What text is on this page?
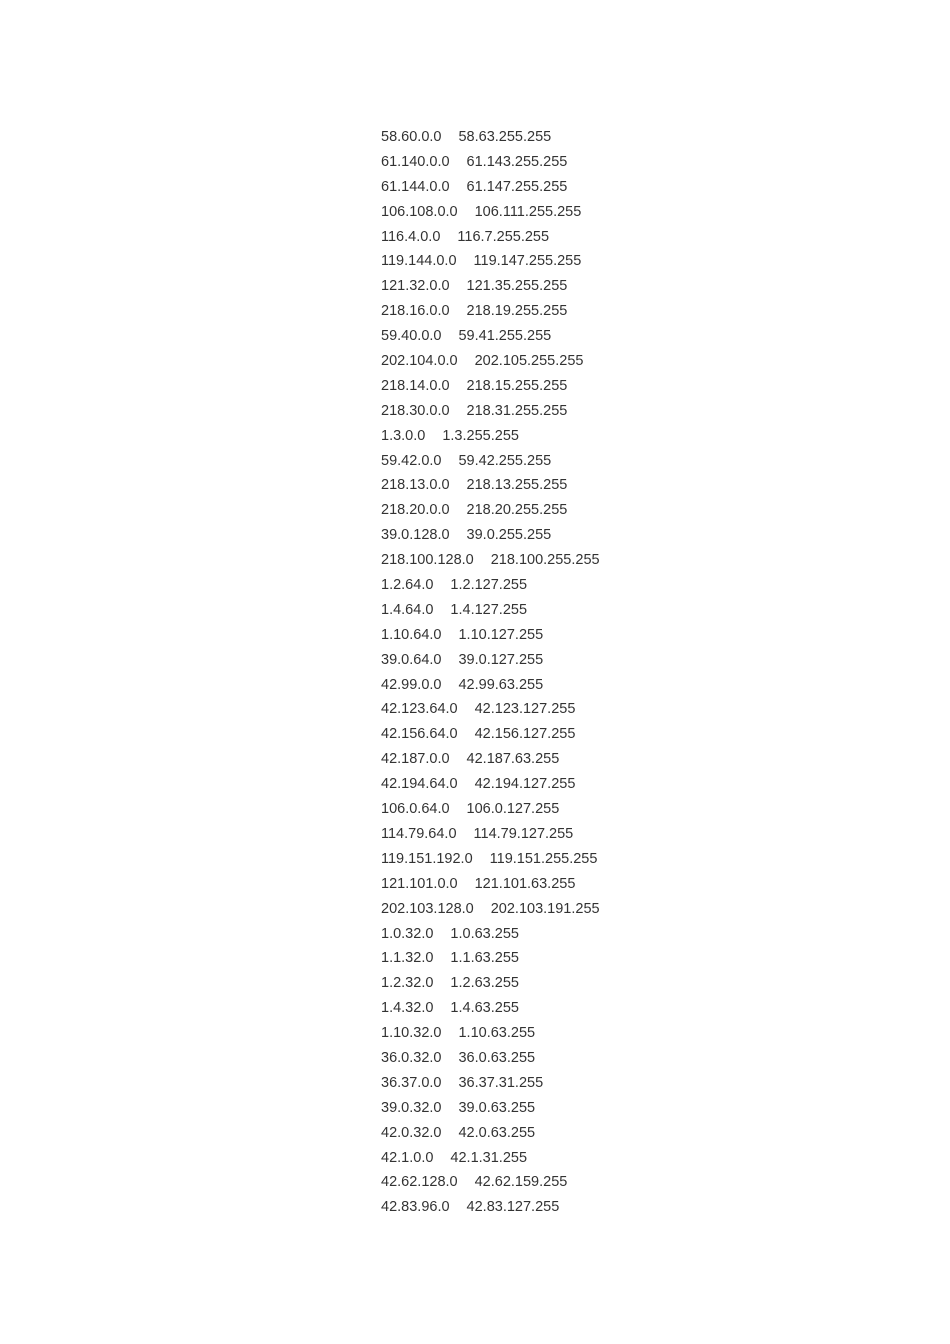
58.60.0.0 58.63.255.255
61.140.0.0 61.143.255.255
61.144.0.0 61.147.255.255
106.108.0.0 106.111.255.255
116.4.0.0 116.7.255.255
119.144.0.0 119.147.255.255
121.32.0.0 121.35.255.255
218.16.0.0 218.19.255.255
59.40.0.0 59.41.255.255
202.104.0.0 202.105.255.255
218.14.0.0 218.15.255.255
218.30.0.0 218.31.255.255
1.3.0.0 1.3.255.255
59.42.0.0 59.42.255.255
218.13.0.0 218.13.255.255
218.20.0.0 218.20.255.255
39.0.128.0 39.0.255.255
218.100.128.0 218.100.255.255
1.2.64.0 1.2.127.255
1.4.64.0 1.4.127.255
1.10.64.0 1.10.127.255
39.0.64.0 39.0.127.255
42.99.0.0 42.99.63.255
42.123.64.0 42.123.127.255
42.156.64.0 42.156.127.255
42.187.0.0 42.187.63.255
42.194.64.0 42.194.127.255
106.0.64.0 106.0.127.255
114.79.64.0 114.79.127.255
119.151.192.0 119.151.255.255
121.101.0.0 121.101.63.255
202.103.128.0 202.103.191.255
1.0.32.0 1.0.63.255
1.1.32.0 1.1.63.255
1.2.32.0 1.2.63.255
1.4.32.0 1.4.63.255
1.10.32.0 1.10.63.255
36.0.32.0 36.0.63.255
36.37.0.0 36.37.31.255
39.0.32.0 39.0.63.255
42.0.32.0 42.0.63.255
42.1.0.0 42.1.31.255
42.62.128.0 42.62.159.255
42.83.96.0 42.83.127.255
